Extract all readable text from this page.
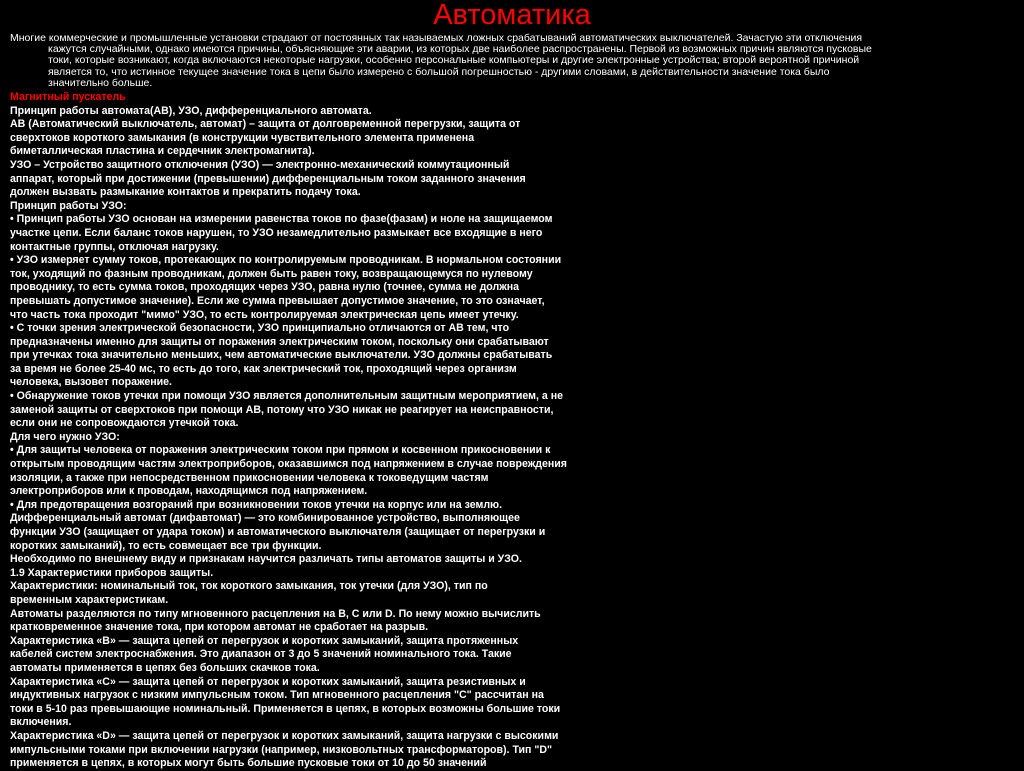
Автоматика

Многие коммерческие и промышленные установки страдают от постоянных так называемых ложных срабатываний автоматических выключателей. Зачастую эти отключения кажутся случайными, однако имеются причины, объясняющие эти аварии, из которых две наиболее распространены. Первой из возможных причин являются пусковые токи, которые возникают, когда включаются некоторые нагрузки, особенно персональные компьютеры и другие электронные устройства; второй вероятной причиной является то, что истинное текущее значение тока в цепи было измерено с большой погрешностью - другими словами, в действительности значение тока было значительно больше.

Магнитный пускатель
Принцип работы автомата(АВ), УЗО, дифференциального автомата.
АВ (Автоматический выключатель, автомат) – защита от долговременной перегрузки, защита от
сверхтоков короткого замыкания (в конструкции чувствительного элемента применена
биметаллическая пластина и сердечник электромагнита).
УЗО – Устройство защитного отключения (УЗО) — электронно-механический коммутационный
аппарат, который при достижении (превышении) дифференциальным током заданного значения
должен вызвать размыкание контактов и прекратить подачу тока.
Принцип работы УЗО:
• Принцип работы УЗО основан на измерении равенства токов по фазе(фазам) и ноле на защищаемом
участке цепи. Если баланс токов нарушен, то УЗО незамедлительно размыкает все входящие в него
контактные группы, отключая нагрузку.
• УЗО измеряет сумму токов, протекающих по контролируемым проводникам. В нормальном состоянии
ток, уходящий по фазным проводникам, должен быть равен току, возвращающемуся по нулевому
проводнику, то есть сумма токов, проходящих через УЗО, равна нулю (точнее, сумма не должна
превышать допустимое значение). Если же сумма превышает допустимое значение, то это означает,
что часть тока проходит "мимо" УЗО, то есть контролируемая электрическая цепь имеет утечку.
• С точки зрения электрической безопасности, УЗО принципиально отличаются от АВ тем, что
предназначены именно для защиты от поражения электрическим током, поскольку они срабатывают
при утечках тока значительно меньших, чем автоматические выключатели. УЗО должны срабатывать
за время не более 25-40 мс, то есть до того, как электрический ток, проходящий через организм
человека, вызовет поражение.
• Обнаружение токов утечки при помощи УЗО является дополнительным защитным мероприятием, а не
заменой защиты от сверхтоков при помощи АВ, потому что УЗО никак не реагирует на неисправности,
если они не сопровождаются утечкой тока.
Для чего нужно УЗО:
• Для защиты человека от поражения электрическим током при прямом и косвенном прикосновении к
открытым проводящим частям электроприборов, оказавшимся под напряжением в случае повреждения
изоляции, а также при непосредственном прикосновении человека к токоведущим частям
электроприборов или к проводам, находящимся под напряжением.
• Для предотвращения возгораний при возникновении токов утечки на корпус или на землю.
Дифференциальный автомат (дифавтомат) — это комбинированное устройство, выполняющее
функции УЗО (защищает от удара током) и автоматического выключателя (защищает от перегрузки и
коротких замыканий), то есть совмещает все три функции.
Необходимо по внешнему виду и признакам научится различать типы автоматов защиты и УЗО.
1.9 Характеристики приборов защиты.
Характеристики: номинальный ток, ток короткого замыкания, ток утечки (для УЗО), тип по
временным характеристикам.
Автоматы разделяются по типу мгновенного расцепления на B, C или D. По нему можно вычислить
кратковременное значение тока, при котором автомат не сработает на разрыв.
Характеристика «B» — защита цепей от перегрузок и коротких замыканий, защита протяженных
кабелей систем электроснабжения. Это диапазон от 3 до 5 значений номинального тока. Такие
автоматы применяется в цепях без больших скачков тока.
Характеристика «C» — защита цепей от перегрузок и коротких замыканий, защита резистивных и
индуктивных нагрузок с низким импульсным током. Тип мгновенного расцепления "C" рассчитан на
токи в 5-10 раз превышающие номинальный. Применяется в цепях, в которых возможны большие токи
включения.
Характеристика «D» — защита цепей от перегрузок и коротких замыканий, защита нагрузки с высокими
импульсными токами при включении нагрузки (например, низковольтных трансформаторов). Тип "D"
применяется в цепях, в которых могут быть большие пусковые токи от 10 до 50 значений
